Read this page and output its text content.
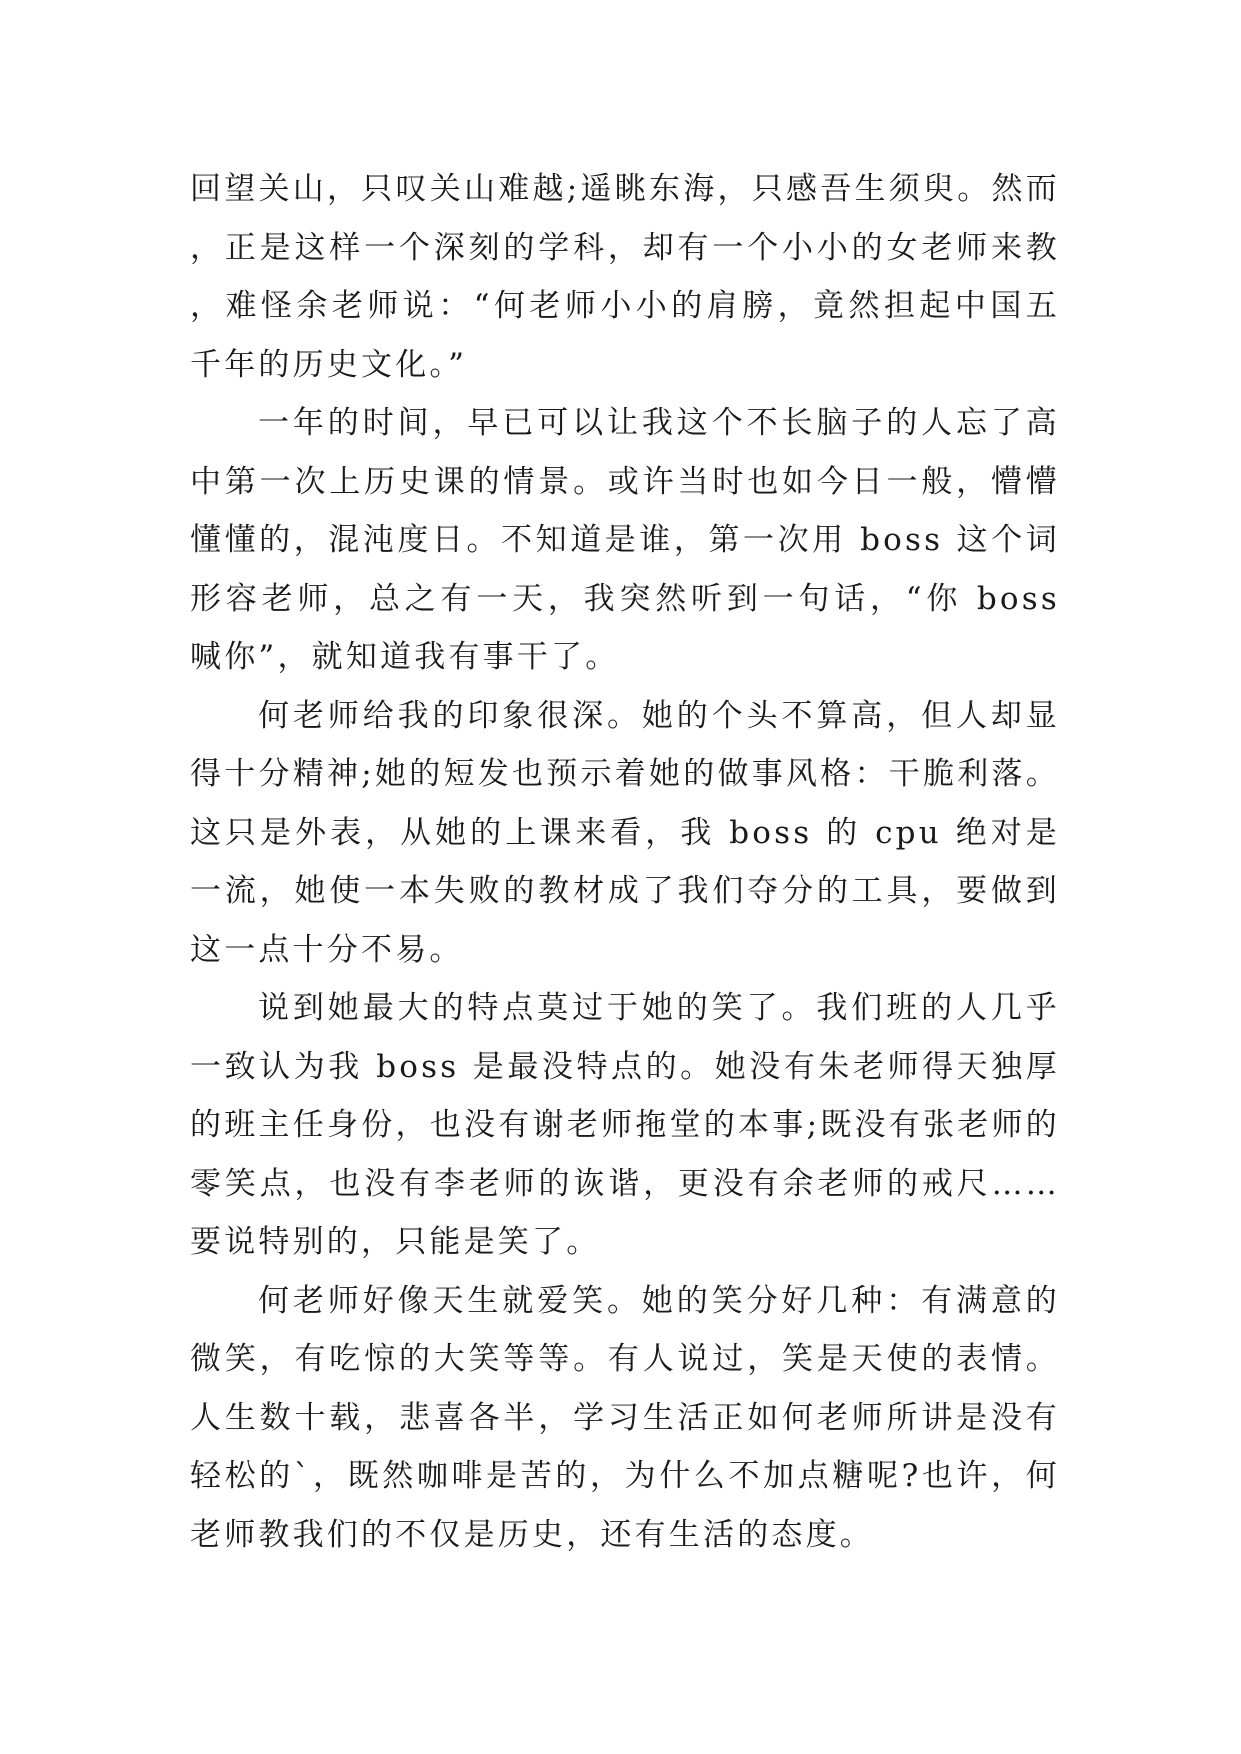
回望关山，只叹关山难越;遥眺东海，只感吾生须臾。然而，正是这样一个深刻的学科，却有一个小小的女老师来教，难怪余老师说：“何老师小小的肩膀，竟然担起中国五千年的历史文化。”

一年的时间，早已可以让我这个不长脑子的人忘了高中第一次上历史课的情景。或许当时也如今日一般，懵懵懂懂的，混沌度日。不知道是谁，第一次用 boss 这个词形容老师，总之有一天，我突然听到一句话，“你 boss 喊你”，就知道我有事干了。

何老师给我的印象很深。她的个头不算高，但人却显得十分精神;她的短发也预示着她的做事风格：干脆利落。这只是外表，从她的上课来看，我 boss 的 cpu 绝对是一流，她使一本失败的教材成了我们夺分的工具，要做到这一点十分不易。

说到她最大的特点莫过于她的笑了。我们班的人几乎一致认为我 boss 是最没特点的。她没有朱老师得天独厚的班主任身份，也没有谢老师拖堂的本事;既没有张老师的零笑点，也没有李老师的诙谐，更没有余老师的戒尺……要说特别的，只能是笑了。

何老师好像天生就爱笑。她的笑分好几种：有满意的微笑，有吃惊的大笑等等。有人说过，笑是天使的表情。人生数十载，悲喜各半，学习生活正如何老师所讲是没有轻松的`，既然咖啡是苦的，为什么不加点糖呢?也许，何老师教我们的不仅是历史，还有生活的态度。
